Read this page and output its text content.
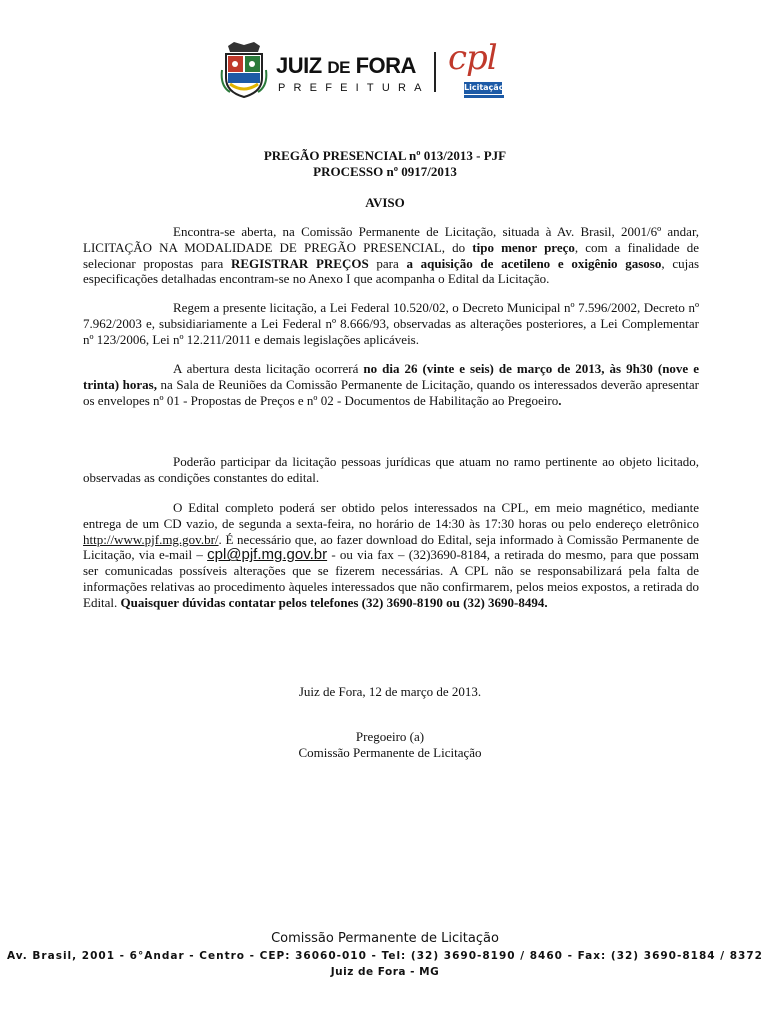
JUIZ DE FORA
PREFEITURA
cpl
Licitação
PREGÃO PRESENCIAL nº 013/2013 - PJF
PROCESSO nº 0917/2013
AVISO
Encontra-se aberta, na Comissão Permanente de Licitação, situada à Av. Brasil, 2001/6º andar, LICITAÇÃO NA MODALIDADE DE PREGÃO PRESENCIAL, do tipo menor preço, com a finalidade de selecionar propostas para REGISTRAR PREÇOS para a aquisição de acetileno e oxigênio gasoso, cujas especificações detalhadas encontram-se no Anexo I que acompanha o Edital da Licitação.
Regem a presente licitação, a Lei Federal 10.520/02, o Decreto Municipal nº 7.596/2002, Decreto nº 7.962/2003 e, subsidiariamente a Lei Federal nº 8.666/93, observadas as alterações posteriores, a Lei Complementar nº 123/2006, Lei nº 12.211/2011 e demais legislações aplicáveis.
A abertura desta licitação ocorrerá no dia 26 (vinte e seis) de março de 2013, às 9h30 (nove e trinta) horas, na Sala de Reuniões da Comissão Permanente de Licitação, quando os interessados deverão apresentar os envelopes nº 01 - Propostas de Preços e nº 02 - Documentos de Habilitação ao Pregoeiro.
Poderão participar da licitação pessoas jurídicas que atuam no ramo pertinente ao objeto licitado, observadas as condições constantes do edital.
O Edital completo poderá ser obtido pelos interessados na CPL, em meio magnético, mediante entrega de um CD vazio, de segunda a sexta-feira, no horário de 14:30 às 17:30 horas ou pelo endereço eletrônico http://www.pjf.mg.gov.br/. É necessário que, ao fazer download do Edital, seja informado à Comissão Permanente de Licitação, via e-mail – cpl@pjf.mg.gov.br - ou via fax – (32)3690-8184, a retirada do mesmo, para que possam ser comunicadas possíveis alterações que se fizerem necessárias. A CPL não se responsabilizará pela falta de informações relativas ao procedimento àqueles interessados que não confirmarem, pelos meios expostos, a retirada do Edital. Quaisquer dúvidas contatar pelos telefones (32) 3690-8190 ou (32) 3690-8494.
Juiz de Fora, 12 de março de 2013.
Pregoeiro (a)
Comissão Permanente de Licitação
Comissão Permanente de Licitação
Av. Brasil, 2001 - 6°Andar - Centro - CEP: 36060-010 - Tel: (32) 3690-8190 / 8460 - Fax: (32) 3690-8184 / 8372
Juiz de Fora - MG
